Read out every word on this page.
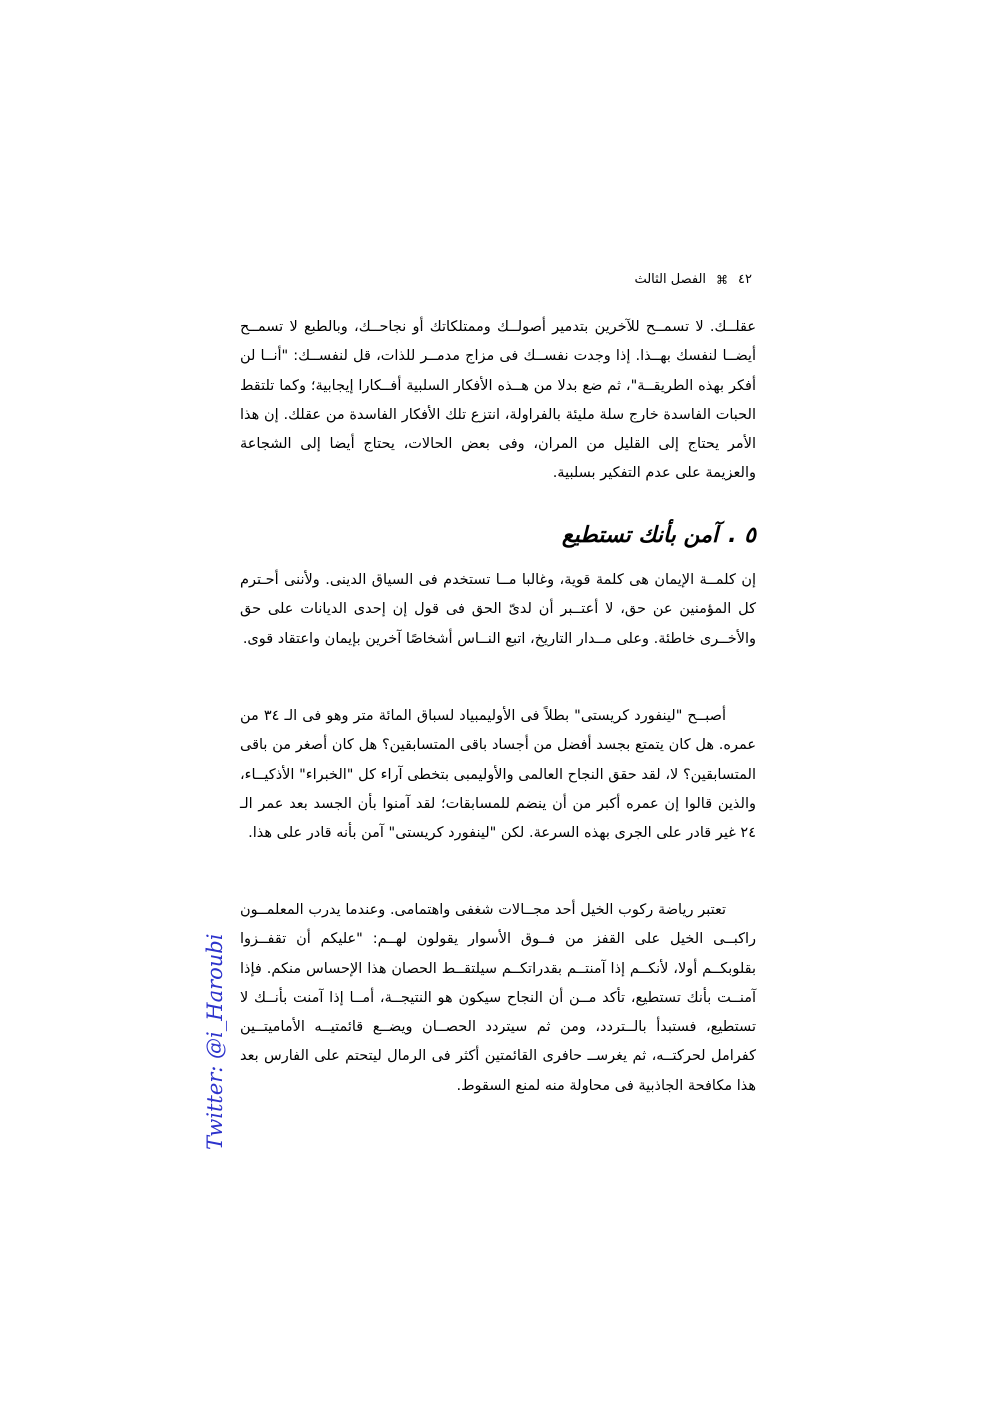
٤٢
⌘
الفصل الثالث

عقلــك. لا تسمــح للآخرين بتدمير أصولــك وممتلكاتك أو نجاحــك، وبالطبع لا تسمــح أيضــا لنفسك بهــذا. إذا وجدت نفســك فى مزاج مدمــر للذات، قل لنفســك: "أنــا لن أفكر بهذه الطريقــة"، ثم ضع بدلا من هــذه الأفكار السلبية أفــكارا إيجابية؛ وكما تلتقط الحبات الفاسدة خارج سلة مليئة بالفراولة، انتزع تلك الأفكار الفاسدة من عقلك. إن هذا الأمر يحتاج إلى القليل من المران، وفى بعض الحالات، يحتاج أيضا إلى الشجاعة والعزيمة على عدم التفكير بسلبية.

٥ .
آمن بأنك تستطيع

إن كلمــة الإيمان هى كلمة قوية، وغالبا مــا تستخدم فى السياق الدينى. ولأننى أحـترم كل المؤمنين عن حق، لا أعتــبر أن لدىّ الحق فى قول إن إحدى الديانات على حق والأخــرى خاطئة. وعلى مــدار التاريخ، اتبع النــاس أشخاصًا آخرين بإيمان واعتقاد قوى.

أصبــح "لينفورد كريستى" بطلاً فى الأوليمبياد لسباق المائة متر وهو فى الـ ٣٤ من عمره. هل كان يتمتع بجسد أفضل من أجساد باقى المتسابقين؟ هل كان أصغر من باقى المتسابقين؟ لا، لقد حقق النجاح العالمى والأوليمبى بتخطى آراء كل "الخبراء" الأذكيــاء، والذين قالوا إن عمره أكبر من أن ينضم للمسابقات؛ لقد آمنوا بأن الجسد بعد عمر الـ ٢٤ غير قادر على الجرى بهذه السرعة. لكن "لينفورد كريستى" آمن بأنه قادر على هذا.

تعتبر رياضة ركوب الخيل أحد مجــالات شغفى واهتمامى. وعندما يدرب المعلمــون راكبــى الخيل على القفز من فــوق الأسوار يقولون لهــم: "عليكم أن تقفــزوا بقلوبكــم أولا، لأنكــم إذا آمنتــم بقدراتكــم سيلتقــط الحصان هذا الإحساس منكم. فإذا آمنــت بأنك تستطيع، تأكد مــن أن النجاح سيكون هو النتيجــة، أمــا إذا آمنت بأنــك لا تستطيع، فستبدأ بالــتردد، ومن ثم سيتردد الحصــان ويضــع قائمتيــه الأماميتــين كفرامل لحركتــه، ثم يغرســ حافرى القائمتين أكثر فى الرمال ليتحتم على الفارس بعد هذا مكافحة الجاذبية فى محاولة منه لمنع السقوط.

Twitter: @i_Haroubi
